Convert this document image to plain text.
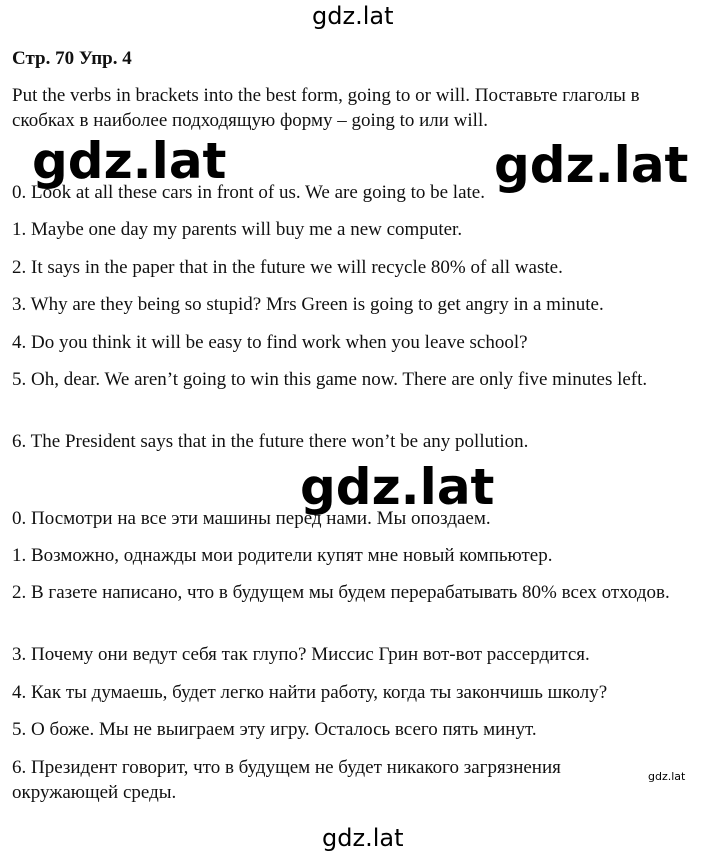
gdz.lat
Стр. 70 Упр. 4
Put the verbs in brackets into the best form, going to or will. Поставьте глаголы в скобках в наиболее подходящую форму – going to или will.
0. Look at all these cars in front of us. We are going to be late.
1. Maybe one day my parents will buy me a new computer.
2. It says in the paper that in the future we will recycle 80% of all waste.
3. Why are they being so stupid? Mrs Green is going to get angry in a minute.
4. Do you think it will be easy to find work when you leave school?
5. Oh, dear. We aren’t going to win this game now. There are only five minutes left.
6. The President says that in the future there won’t be any pollution.
0. Посмотри на все эти машины перед нами. Мы опоздаем.
1. Возможно, однажды мои родители купят мне новый компьютер.
2. В газете написано, что в будущем мы будем перерабатывать 80% всех отходов.
3. Почему они ведут себя так глупо? Миссис Грин вот-вот рассердится.
4. Как ты думаешь, будет легко найти работу, когда ты закончишь школу?
5. О боже. Мы не выиграем эту игру. Осталось всего пять минут.
6. Президент говорит, что в будущем не будет никакого загрязнения окружающей среды.
gdz.lat	gdz.lat
gdz.lat
gdz.lat
gdz.lat
